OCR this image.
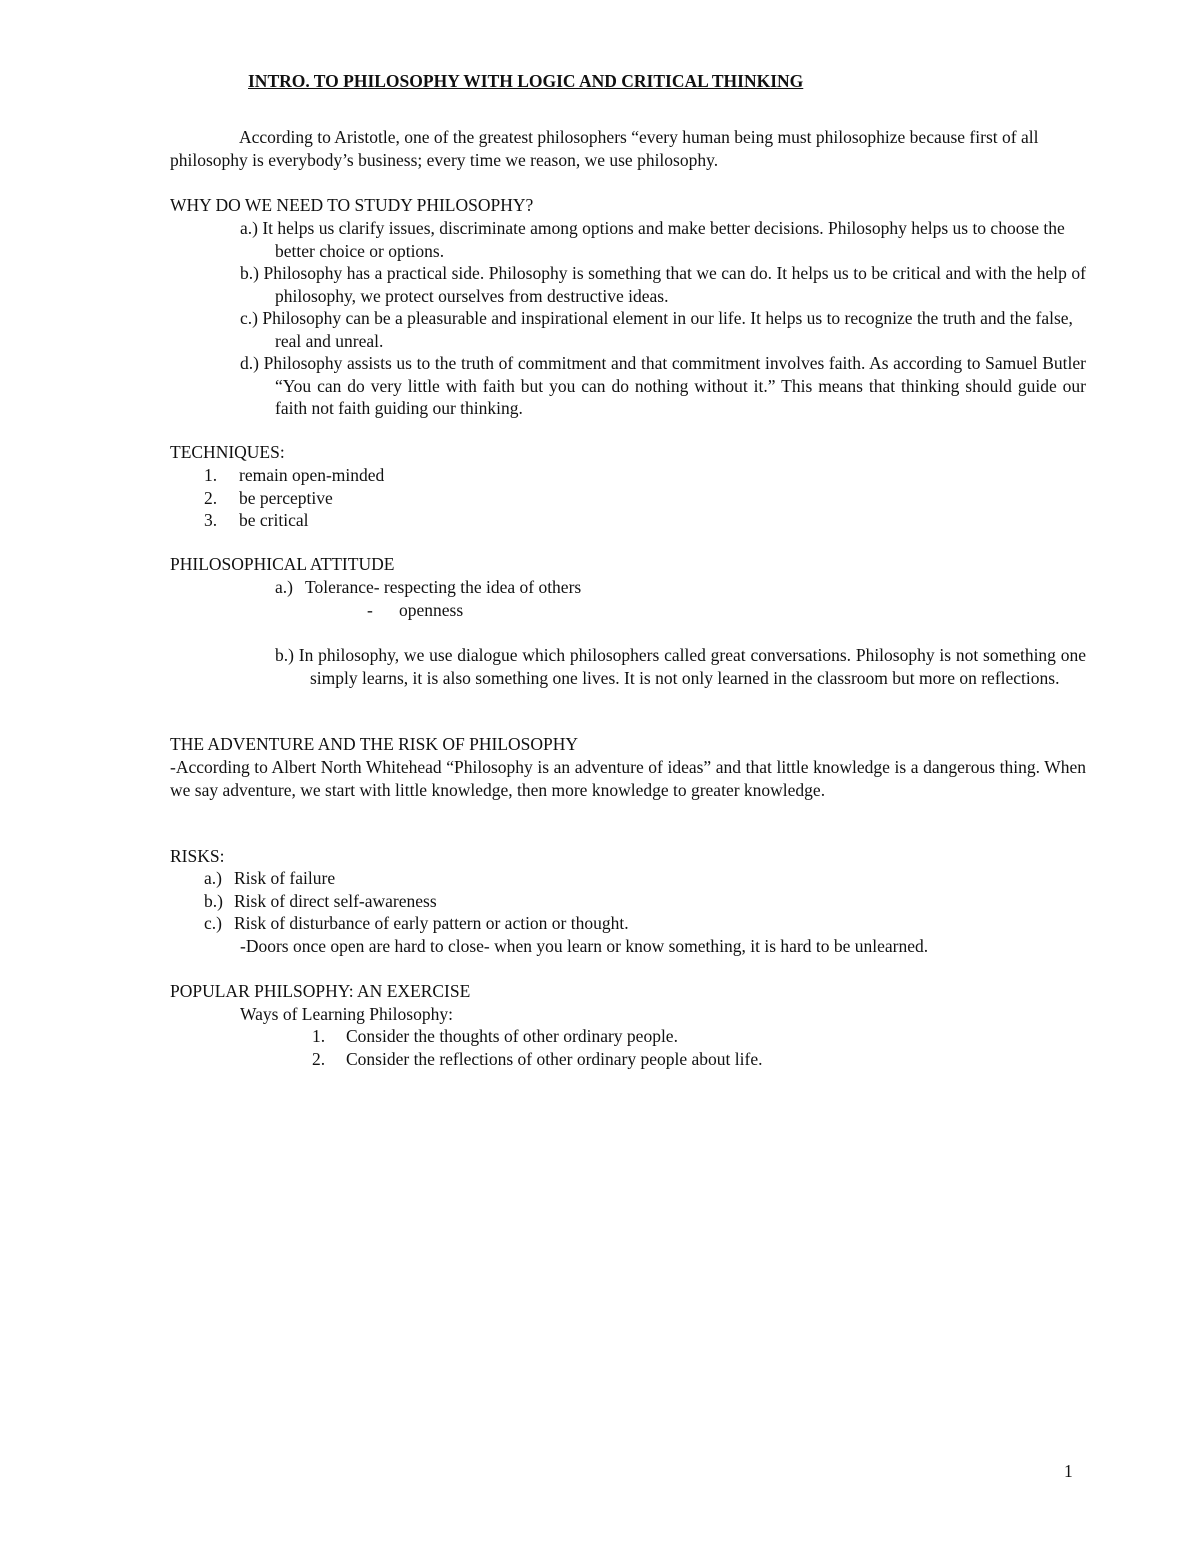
INTRO. TO PHILOSOPHY WITH LOGIC AND CRITICAL THINKING

According to Aristotle, one of the greatest philosophers “every human being must philosophize because first of all philosophy is everybody’s business; every time we reason, we use philosophy.

WHY DO WE NEED TO STUDY PHILOSOPHY?

a.) It helps us clarify issues, discriminate among options and make better decisions. Philosophy helps us to choose the better choice or options.

b.) Philosophy has a practical side. Philosophy is something that we can do. It helps us to be critical and with the help of philosophy, we protect ourselves from destructive ideas.

c.) Philosophy can be a pleasurable and inspirational element in our life. It helps us to recognize the truth and the false, real and unreal.

d.) Philosophy assists us to the truth of commitment and that commitment involves faith. As according to Samuel Butler “You can do very little with faith but you can do nothing without it.” This means that thinking should guide our faith not faith guiding our thinking.

TECHNIQUES:
1. remain open-minded
2. be perceptive
3. be critical
PHILOSOPHICAL ATTITUDE
a.) Tolerance- respecting the idea of others
- openness

b.) In philosophy, we use dialogue which philosophers called great conversations. Philosophy is not something one simply learns, it is also something one lives. It is not only learned in the classroom but more on reflections.

THE ADVENTURE AND THE RISK OF PHILOSOPHY
-According to Albert North Whitehead “Philosophy is an adventure of ideas” and that little knowledge is a dangerous thing. When we say adventure, we start with little knowledge, then more knowledge to greater knowledge.
RISKS:
a.) Risk of failure
b.) Risk of direct self-awareness
c.) Risk of disturbance of early pattern or action or thought.
-Doors once open are hard to close- when you learn or know something, it is hard to be unlearned.
POPULAR PHILSOPHY: AN EXERCISE
Ways of Learning Philosophy:
1. Consider the thoughts of other ordinary people.
2. Consider the reflections of other ordinary people about life.
1
